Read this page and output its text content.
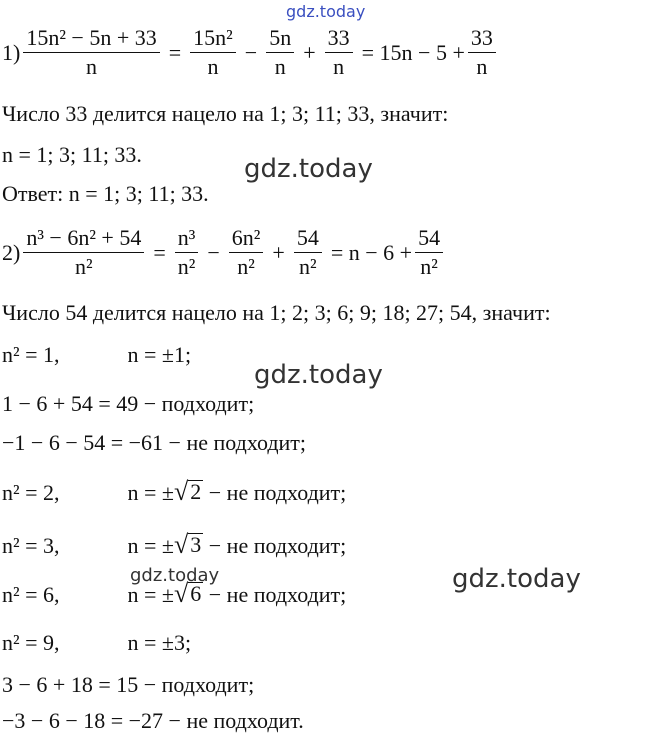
gdz.today
gdz.today
gdz.today
gdz.today	gdz.today
$1) \frac{\text{15n² − 5n + 33}}{n} = \frac{\text{15n²}}{n} - \frac{5n}{n} + \frac{33}{n} = 15n - 5 + \frac{33}{n}$
Число 33 делится нацело на 1; 3; 11; 33, значит:
n = 1; 3; 11; 33.
Ответ: n = 1; 3; 11; 33.
$2) \frac{\text{n³ − 6n² + 54}}{\text{n²}} = \frac{\text{n³}}{\text{n²}} - \frac{\text{6n²}}{\text{n²}} + \frac{54}{\text{n²}} = n - 6 + \frac{54}{\text{n²}}$
Число 54 делится нацело на 1; 2; 3; 6; 9; 18; 27; 54, значит:
n² = 1,	n = ±1;
1 − 6 + 54 = 49 − подходит;
−1 − 6 − 54 = −61 − не подходит;
n² = 2,	n = ± √ 2 − не подходит;
n² = 3,	n = ± √ 3 − не подходит;
n² = 6,	n = ± √ 6 − не подходит;
n² = 9,	n = ±3;
3 − 6 + 18 = 15 − подходит;
−3 − 6 − 18 = −27 − не подходит.
